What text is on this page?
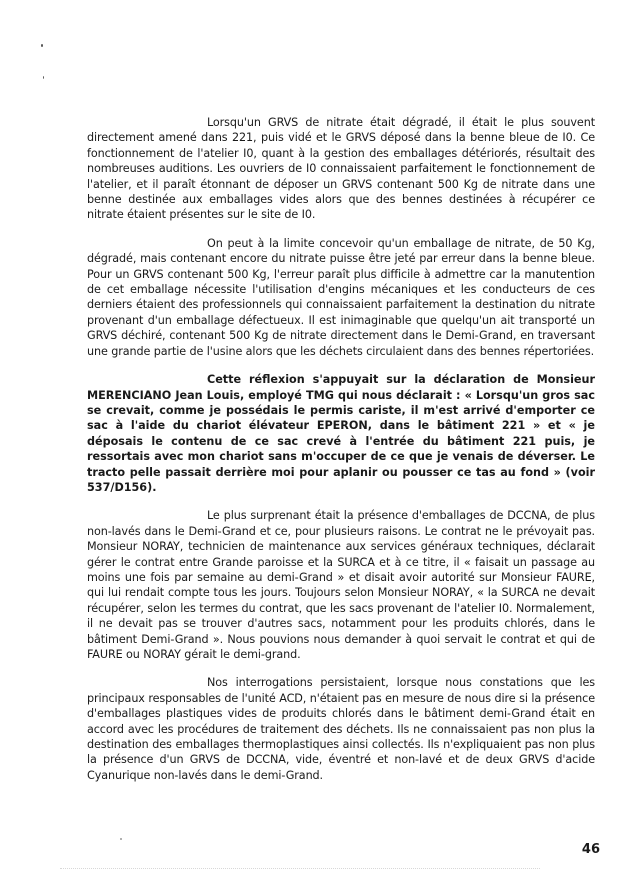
Lorsqu'un GRVS de nitrate était dégradé, il était le plus souvent directement amené dans 221, puis vidé et le GRVS déposé dans la benne bleue de I0. Ce fonctionnement de l'atelier I0, quant à la gestion des emballages détériorés, résultait des nombreuses auditions. Les ouvriers de I0 connaissaient parfaitement le fonctionnement de l'atelier, et il paraît étonnant de déposer un GRVS contenant 500 Kg de nitrate dans une benne destinée aux emballages vides alors que des bennes destinées à récupérer ce nitrate étaient présentes sur le site de I0.

On peut à la limite concevoir qu'un emballage de nitrate, de 50 Kg, dégradé, mais contenant encore du nitrate puisse être jeté par erreur dans la benne bleue. Pour un GRVS contenant 500 Kg, l'erreur paraît plus difficile à admettre car la manutention de cet emballage nécessite l'utilisation d'engins mécaniques et les conducteurs de ces derniers étaient des professionnels qui connaissaient parfaitement la destination du nitrate provenant d'un emballage défectueux. Il est inimaginable que quelqu'un ait transporté un GRVS déchiré, contenant 500 Kg de nitrate directement dans le Demi-Grand, en traversant une grande partie de l'usine alors que les déchets circulaient dans des bennes répertoriées.

Cette réflexion s'appuyait sur la déclaration de Monsieur MERENCIANO Jean Louis, employé TMG qui nous déclarait : « Lorsqu'un gros sac se crevait, comme je possédais le permis cariste, il m'est arrivé d'emporter ce sac à l'aide du chariot élévateur EPERON, dans le bâtiment 221 » et « je déposais le contenu de ce sac crevé à l'entrée du bâtiment 221 puis, je ressortais avec mon chariot sans m'occuper de ce que je venais de déverser. Le tracto pelle passait derrière moi pour aplanir ou pousser ce tas au fond » (voir 537/D156).

Le plus surprenant était la présence d'emballages de DCCNA, de plus non-lavés dans le Demi-Grand et ce, pour plusieurs raisons. Le contrat ne le prévoyait pas. Monsieur NORAY, technicien de maintenance aux services généraux techniques, déclarait gérer le contrat entre Grande paroisse et la SURCA et à ce titre, il « faisait un passage au moins une fois par semaine au demi-Grand » et disait avoir autorité sur Monsieur FAURE, qui lui rendait compte tous les jours. Toujours selon Monsieur NORAY, « la SURCA ne devait récupérer, selon les termes du contrat, que les sacs provenant de l'atelier I0. Normalement, il ne devait pas se trouver d'autres sacs, notamment pour les produits chlorés, dans le bâtiment Demi-Grand ». Nous pouvions nous demander à quoi servait le contrat et qui de FAURE ou NORAY gérait le demi-grand.

Nos interrogations persistaient, lorsque nous constations que les principaux responsables de l'unité ACD, n'étaient pas en mesure de nous dire si la présence d'emballages plastiques vides de produits chlorés dans le bâtiment demi-Grand était en accord avec les procédures de traitement des déchets. Ils ne connaissaient pas non plus la destination des emballages thermoplastiques ainsi collectés. Ils n'expliquaient pas non plus la présence d'un GRVS de DCCNA, vide, éventré et non-lavé et de deux GRVS d'acide Cyanurique non-lavés dans le demi-Grand.

46
